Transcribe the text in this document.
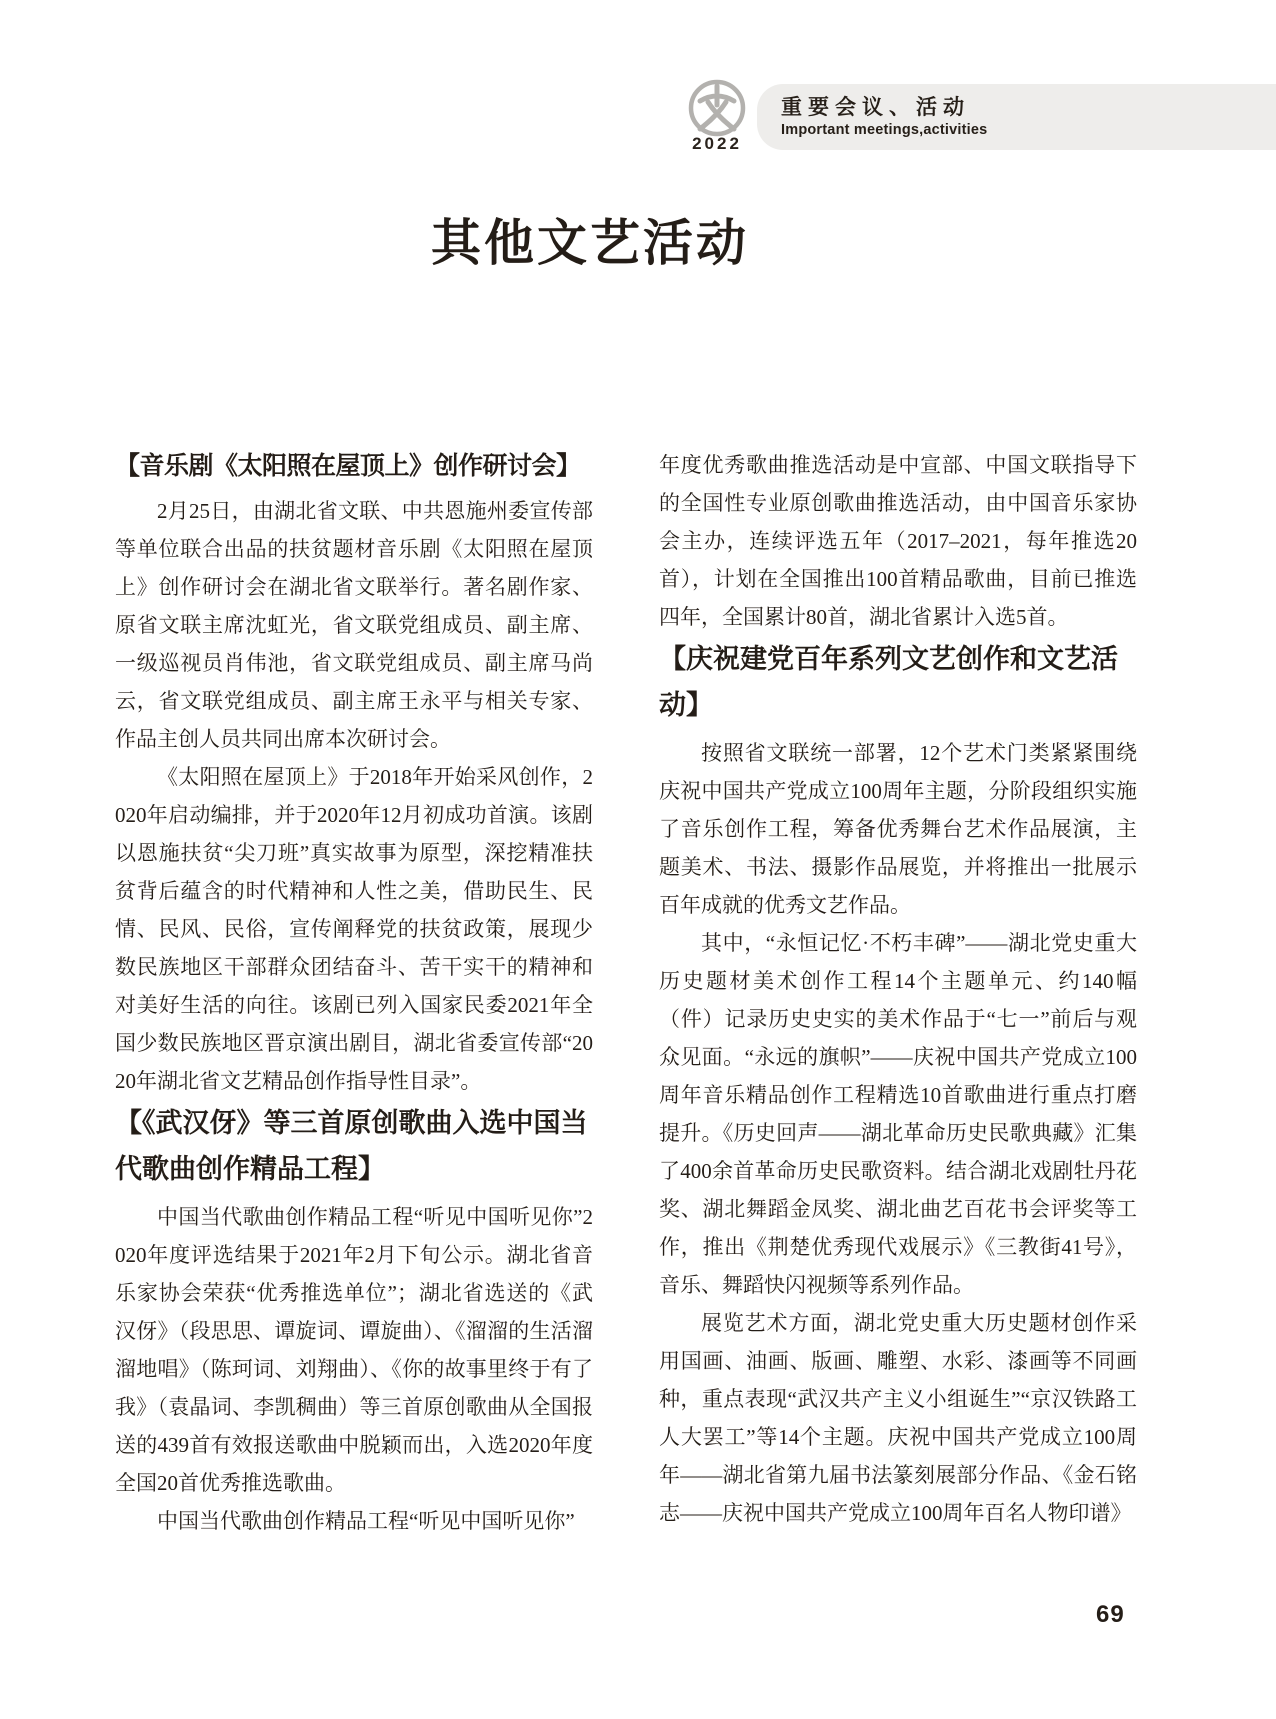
2022
重要会议、活动
Important meetings,activities
其他文艺活动
【音乐剧《太阳照在屋顶上》创作研讨会】

2月25日，由湖北省文联、中共恩施州委宣传部等单位联合出品的扶贫题材音乐剧《太阳照在屋顶上》创作研讨会在湖北省文联举行。著名剧作家、原省文联主席沈虹光，省文联党组成员、副主席、一级巡视员肖伟池，省文联党组成员、副主席马尚云，省文联党组成员、副主席王永平与相关专家、作品主创人员共同出席本次研讨会。

《太阳照在屋顶上》于2018年开始采风创作，2020年启动编排，并于2020年12月初成功首演。该剧以恩施扶贫“尖刀班”真实故事为原型，深挖精准扶贫背后蕴含的时代精神和人性之美，借助民生、民情、民风、民俗，宣传阐释党的扶贫政策，展现少数民族地区干部群众团结奋斗、苦干实干的精神和对美好生活的向往。该剧已列入国家民委2021年全国少数民族地区晋京演出剧目，湖北省委宣传部“2020年湖北省文艺精品创作指导性目录”。

【《武汉伢》等三首原创歌曲入选中国当代歌曲创作精品工程】

中国当代歌曲创作精品工程“听见中国听见你”2020年度评选结果于2021年2月下旬公示。湖北省音乐家协会荣获“优秀推选单位”；湖北省选送的《武汉伢》（段思思、谭旋词、谭旋曲）、《溜溜的生活溜溜地唱》（陈珂词、刘翔曲）、《你的故事里终于有了我》（袁晶词、李凯稠曲）等三首原创歌曲从全国报送的439首有效报送歌曲中脱颖而出，入选2020年度全国20首优秀推选歌曲。

中国当代歌曲创作精品工程“听见中国听见你”

年度优秀歌曲推选活动是中宣部、中国文联指导下的全国性专业原创歌曲推选活动，由中国音乐家协会主办，连续评选五年（2017–2021，每年推选20首），计划在全国推出100首精品歌曲，目前已推选四年，全国累计80首，湖北省累计入选5首。

【庆祝建党百年系列文艺创作和文艺活动】

按照省文联统一部署，12个艺术门类紧紧围绕庆祝中国共产党成立100周年主题，分阶段组织实施了音乐创作工程，筹备优秀舞台艺术作品展演，主题美术、书法、摄影作品展览，并将推出一批展示百年成就的优秀文艺作品。

其中，“永恒记忆·不朽丰碑”——湖北党史重大历史题材美术创作工程14个主题单元、约140幅（件）记录历史史实的美术作品于“七一”前后与观众见面。“永远的旗帜”——庆祝中国共产党成立100周年音乐精品创作工程精选10首歌曲进行重点打磨提升。《历史回声——湖北革命历史民歌典藏》汇集了400余首革命历史民歌资料。结合湖北戏剧牡丹花奖、湖北舞蹈金凤奖、湖北曲艺百花书会评奖等工作，推出《荆楚优秀现代戏展示》《三教街41号》，音乐、舞蹈快闪视频等系列作品。

展览艺术方面，湖北党史重大历史题材创作采用国画、油画、版画、雕塑、水彩、漆画等不同画种，重点表现“武汉共产主义小组诞生”“京汉铁路工人大罢工”等14个主题。庆祝中国共产党成立100周年——湖北省第九届书法篆刻展部分作品、《金石铭志——庆祝中国共产党成立100周年百名人物印谱》

69
